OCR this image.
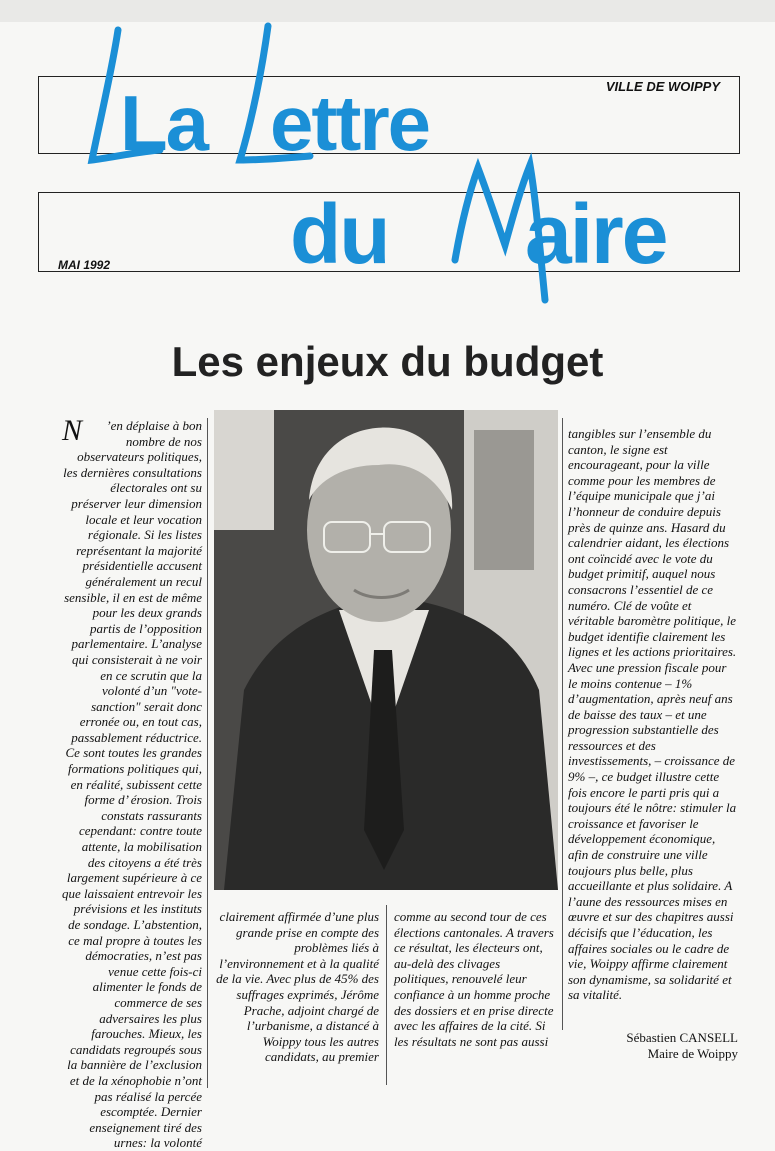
La ettre
du aire
VILLE DE WOIPPY
MAI 1992
Les enjeux du budget
N ’en déplaise à bon nombre de nos observateurs politiques, les dernières consultations électorales ont su préserver leur dimension locale et leur vocation régionale. Si les listes représentant la majorité présidentielle accusent généralement un recul sensible, il en est de même pour les deux grands partis de l’opposition parlementaire. L’analyse qui consisterait à ne voir en ce scrutin que la volonté d’un "vote-sanction" serait donc erronée ou, en tout cas, passablement réductrice. Ce sont toutes les grandes formations politiques qui, en réalité, subissent cette forme d’ érosion. Trois constats rassurants cependant: contre toute attente, la mobilisation des citoyens a été très largement supérieure à ce que laissaient entrevoir les prévisions et les instituts de sondage. L’abstention, ce mal propre à toutes les démocraties, n’est pas venue cette fois-ci alimenter le fonds de commerce de ses adversaires les plus farouches. Mieux, les candidats regroupés sous la bannière de l’exclusion et de la xénophobie n’ont pas réalisé la percée escomptée. Dernier enseignement tiré des urnes: la volonté
clairement affirmée d’une plus grande prise en compte des problèmes liés à l’environnement et à la qualité de la vie. Avec plus de 45% des suffrages exprimés, Jérôme Prache, adjoint chargé de l’urbanisme, a distancé à Woippy tous les autres candidats, au premier
comme au second tour de ces élections cantonales. A travers ce résultat, les électeurs ont, au-delà des clivages politiques, renouvelé leur confiance à un homme proche des dossiers et en prise directe avec les affaires de la cité. Si les résultats ne sont pas aussi
tangibles sur l’ensemble du canton, le signe est encourageant, pour la ville comme pour les membres de l’équipe municipale que j’ai l’honneur de conduire depuis près de quinze ans. Hasard du calendrier aidant, les élections ont coïncidé avec le vote du budget primitif, auquel nous consacrons l’essentiel de ce numéro. Clé de voûte et véritable baromètre politique, le budget identifie clairement les lignes et les actions prioritaires. Avec une pression fiscale pour le moins contenue – 1% d’augmentation, après neuf ans de baisse des taux – et une progression substantielle des ressources et des investissements, – croissance de 9% –, ce budget illustre cette fois encore le parti pris qui a toujours été le nôtre: stimuler la croissance et favoriser le développement économique, afin de construire une ville toujours plus belle, plus accueillante et plus solidaire. A l’aune des ressources mises en œuvre et sur des chapitres aussi décisifs que l’éducation, les affaires sociales ou le cadre de vie, Woippy affirme clairement son dynamisme, sa solidarité et sa vitalité.
Sébastien CANSELL
Maire de Woippy
